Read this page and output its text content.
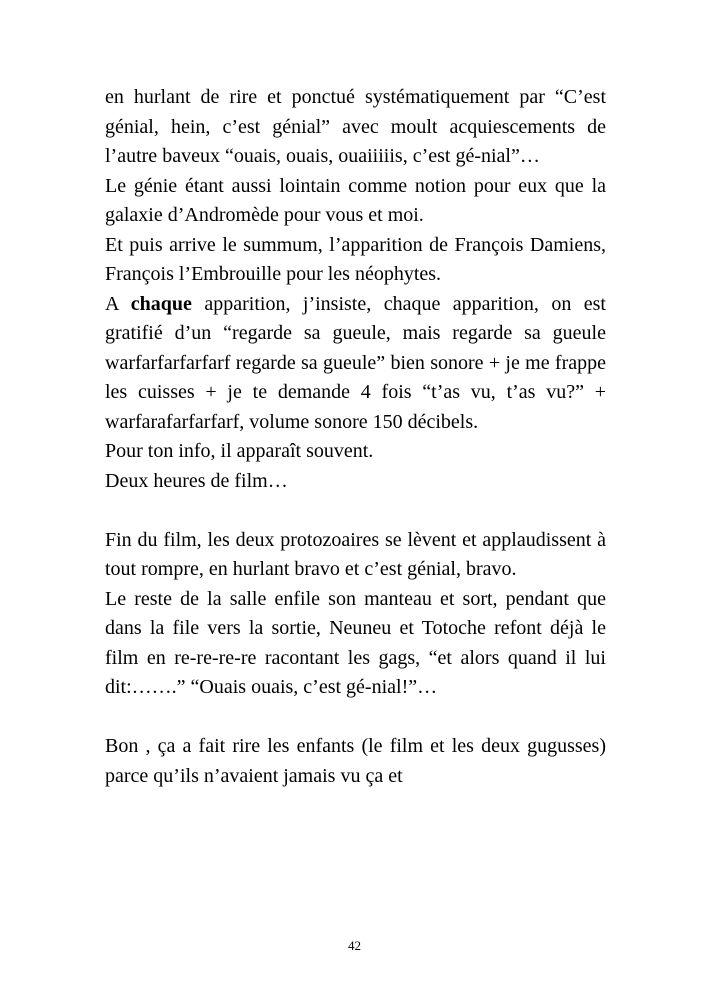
en hurlant de rire et ponctué systématiquement par “C’est génial, hein, c’est génial” avec moult acquiescements de l’autre baveux “ouais, ouais, ouaiiiiis, c’est gé-nial”…

Le génie étant aussi lointain comme notion pour eux que la galaxie d’Andromède pour vous et moi.

Et puis arrive le summum, l’apparition de François Damiens, François l’Embrouille pour les néophytes.

A chaque apparition, j’insiste, chaque apparition, on est gratifié d’un “regarde sa gueule, mais regarde sa gueule warfarfarfarfarf regarde sa gueule” bien sonore + je me frappe les cuisses + je te demande 4 fois “t’as vu, t’as vu?” + warfarafarfarfarf, volume sonore 150 décibels.

Pour ton info, il apparaît souvent.

Deux heures de film…

Fin du film, les deux protozoaires se lèvent et applaudissent à tout rompre, en hurlant bravo et c’est génial, bravo.

Le reste de la salle enfile son manteau et sort, pendant que dans la file vers la sortie, Neuneu et Totoche refont déjà le film en re-re-re-re racontant les gags, “et alors quand il lui dit:…….” “Ouais ouais, c’est gé-nial!”…

Bon , ça a fait rire les enfants (le film et les deux gugusses) parce qu’ils n’avaient jamais vu ça et

42
